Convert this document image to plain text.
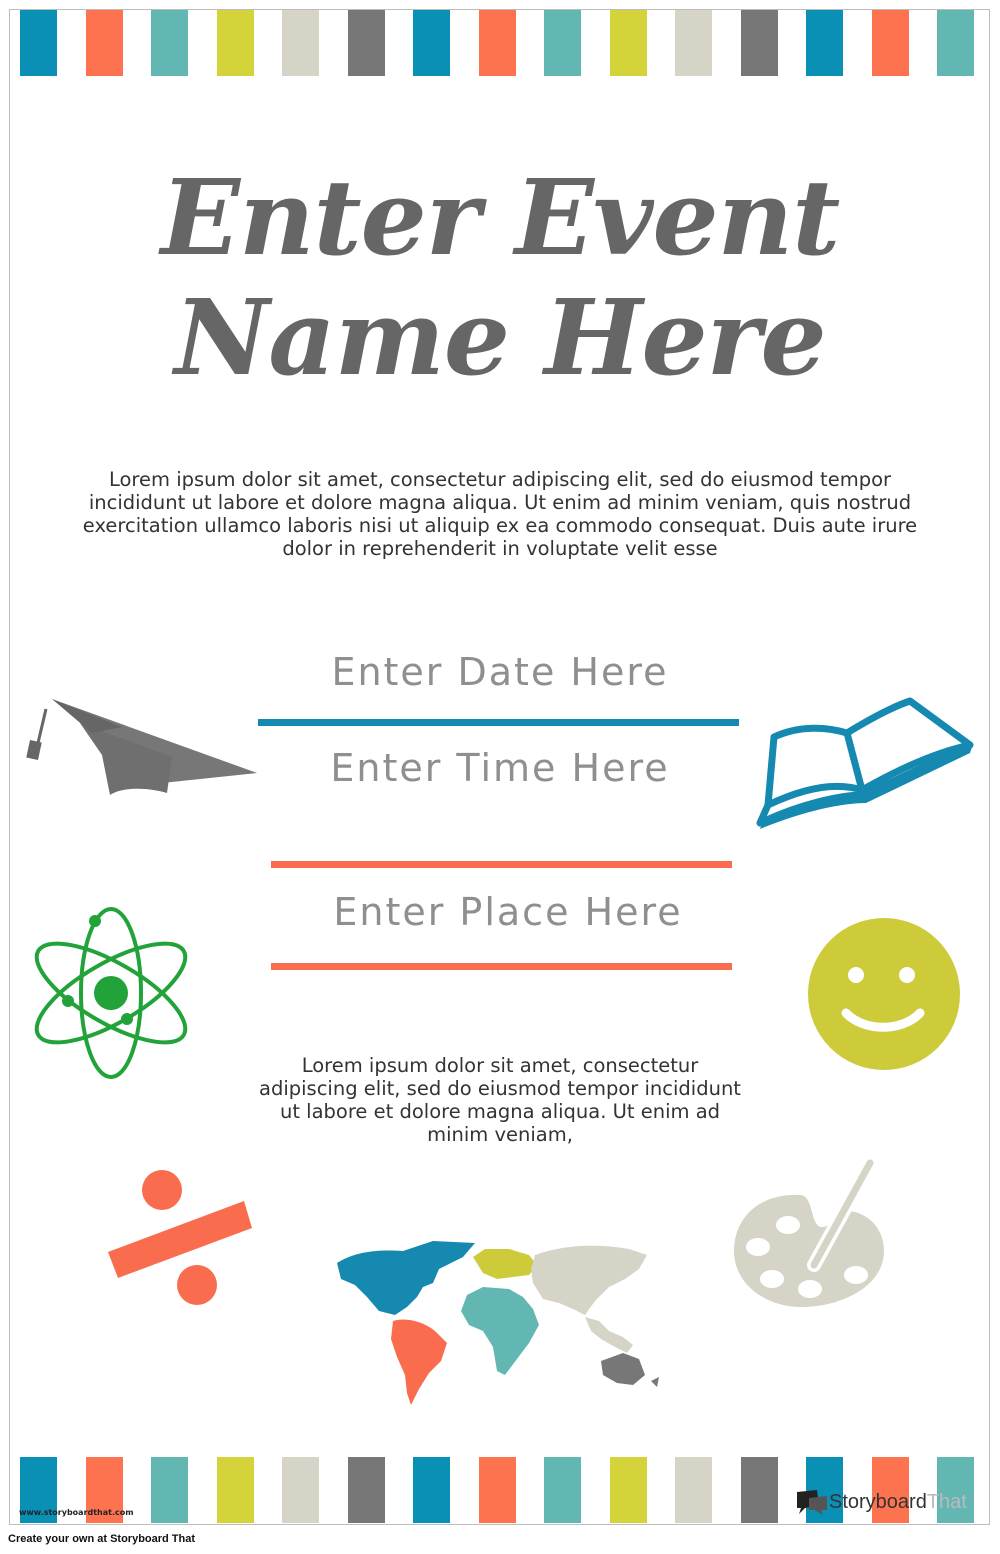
Enter Event
Name Here
Lorem ipsum dolor sit amet, consectetur adipiscing elit, sed do eiusmod tempor incididunt ut labore et dolore magna aliqua. Ut enim ad minim veniam, quis nostrud exercitation ullamco laboris nisi ut aliquip ex ea commodo consequat. Duis aute irure dolor in reprehenderit in voluptate velit esse
Enter Date Here
Enter Time Here
Enter Place Here
Lorem ipsum dolor sit amet, consectetur adipiscing elit, sed do eiusmod tempor incididunt ut labore et dolore magna aliqua. Ut enim ad minim veniam,
www.storyboardthat.com	StoryboardThat
Create your own at Storyboard That
